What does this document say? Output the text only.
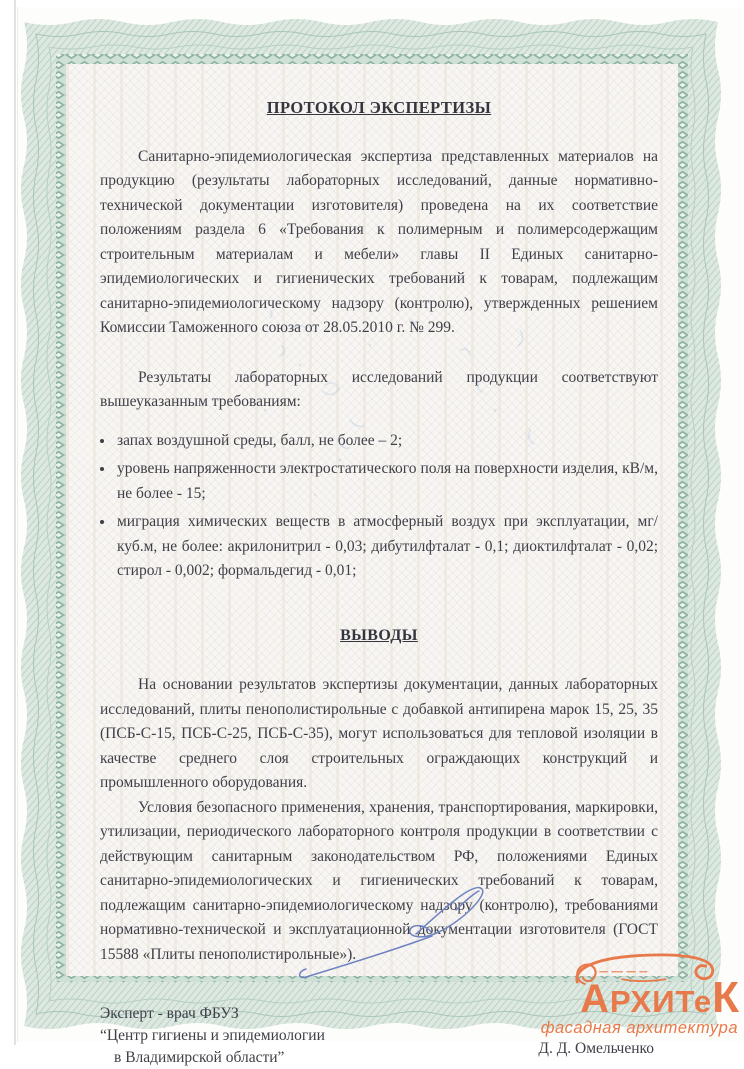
ПРОТОКОЛ ЭКСПЕРТИЗЫ

Санитарно-эпидемиологическая экспертиза представленных материалов на продукцию (результаты лабораторных исследований, данные нормативно-технической документации изготовителя) проведена на их соответствие положениям раздела 6 «Требования к полимерным и полимерсодержащим строительным материалам и мебели» главы II Единых санитарно-эпидемиологических и гигиенических требований к товарам, подлежащим санитарно-эпидемиологическому надзору (контролю), утвержденных решением Комиссии Таможенного союза от 28.05.2010 г. № 299.

Результаты лабораторных исследований продукции соответствуют вышеуказанным требованиям:

• запах воздушной среды, балл, не более – 2;
• уровень напряженности электростатического поля на поверхности изделия, кВ/м, не более - 15;
• миграция химических веществ в атмосферный воздух при эксплуатации, мг/куб.м, не более: акрилонитрил - 0,03; дибутилфталат - 0,1; диоктилфталат - 0,02; стирол - 0,002; формальдегид - 0,01;
ВЫВОДЫ

На основании результатов экспертизы документации, данных лабораторных исследований, плиты пенополистирольные с добавкой антипирена марок 15, 25, 35 (ПСБ-С-15, ПСБ-С-25, ПСБ-С-35), могут использоваться для тепловой изоляции в качестве среднего слоя строительных ограждающих конструкций и промышленного оборудования.

Условия безопасного применения, хранения, транспортирования, маркировки, утилизации, периодического лабораторного контроля продукции в соответствии с действующим санитарным законодательством РФ, положениями Единых санитарно-эпидемиологических и гигиенических требований к товарам, подлежащим санитарно-эпидемиологическому надзору (контролю), требованиями нормативно-технической и эксплуатационной документации изготовителя (ГОСТ 15588 «Плиты пенополистирольные»).

Эксперт - врач ФБУЗ
“Центр гигиены и эпидемиологии
в Владимирской области”
Д. Д. Омельченко
АРХИТеК
фасадная архитектура
